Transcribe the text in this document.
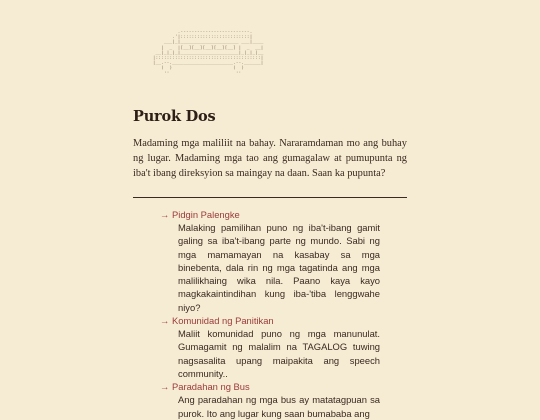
.-------------------------.
.'|:::::::::::::::::::::::::|
___|_|_____________________ ___|____
|  _  |[__][__][__][__][__] |  _  __|
__|_|_|_|_____________________|_|_|_|__
|::::::::::::::::::::::::::::::::::::::|
|__.--.______________________.--.______|
(  )                      (  )
''                        ''
Purok Dos

Madaming mga maliliit na bahay. Nararamdaman mo ang buhay ng lugar. Madaming mga tao ang gumagalaw at pumupunta ng iba't ibang direksyion sa maingay na daan. Saan ka pupunta?

→ Pidgin Palengke
Malaking pamilihan puno ng iba't-ibang gamit galing sa iba't-ibang parte ng mundo. Sabi ng mga mamamayan na kasabay sa mga binebenta, dala rin ng mga tagatinda ang mga malilikhaing wika nila. Paano kaya kayo magkakaintindihan kung iba-'tiba lenggwahe niyo?
→ Komunidad ng Panitikan
Maliit komunidad puno ng mga manunulat. Gumagamit ng malalim na TAGALOG tuwing nagsasalita upang maipakita ang speech community..
→ Paradahan ng Bus
Ang paradahan ng mga bus ay matatagpuan sa purok. Ito ang lugar kung saan bumababa ang
